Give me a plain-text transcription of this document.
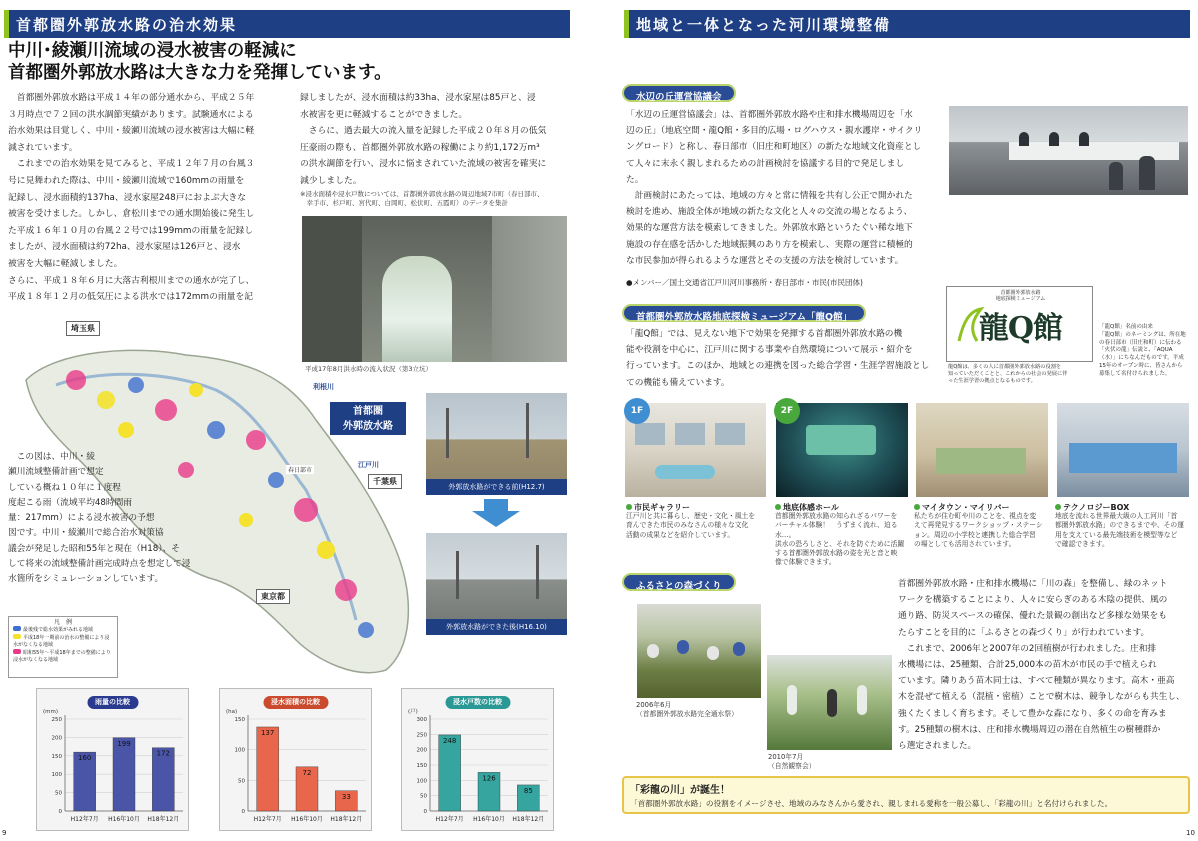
首都圏外郭放水路の治水効果
中川･綾瀬川流域の浸水被害の軽減に
首都圏外郭放水路は大きな力を発揮しています。
　首都圏外郭放水路は平成１４年の部分通水から、平成２５年
３月時点で７２回の洪水調節実績があります。試験通水による
治水効果は目覚しく、中川・綾瀬川流域の浸水被害は大幅に軽
減されています。
　これまでの治水効果を見てみると、平成１２年７月の台風３
号に見舞われた際は、中川・綾瀬川流域で160mmの雨量を
記録し、浸水面積約137ha、浸水家屋248戸におよぶ大きな
被害を受けました。しかし、倉松川までの通水開始後に発生し
た平成１６年１０月の台風２２号では199mmの雨量を記録し
ましたが、浸水面積は約72ha、浸水家屋は126戸と、浸水
被害を大幅に軽減しました。
さらに、平成１８年６月に大落古利根川までの通水が完了し、
平成１８年１２月の低気圧による洪水では172mmの雨量を記
録しましたが、浸水面積は約33ha、浸水家屋は85戸と、浸
水被害を更に軽減することができました。
　さらに、過去最大の流入量を記録した平成２０年８月の低気
圧豪雨の際も、首都圏外郭放水路の稼働により約1,172万m³
の洪水調節を行い、浸水に悩まされていた流域の被害を確実に
減少しました。
※浸水面積や浸水戸数については、首都圏外郭放水路の周辺地域7市町（春日部市、
　幸手市、杉戸町、宮代町、白岡町、松伏町、五霞町）のデータを集計
平成17年8月洪水時の流入状況（第3立坑）
埼玉県
千葉県
東京都
利根川
江戸川
春日部市
首都圏
外郭放水路
　この図は、中川・綾
瀬川流域整備計画で想定
している概ね１０年に１度程
度起こる雨（流域平均48時間雨
量：217mm）による浸水被害の予想
図です。中川・綾瀬川で総合治水対策協
議会が発足した昭和55年と現在（H18）、そ
して将来の流域整備計画完成時点を想定して浸
水箇所をシミュレーションしています。
凡　例
最後残で総水効果がみれる地域
平成18年一期前の治水の整備により浸水がなくなる地域
昭和55年～平成18年までの整備により浸水がなくなる地域
外郭放水路ができる前(H12.7)
外郭放水路ができた後(H16.10)
雨量の比較
(mm)
0
50
100
150
200
250
160
H12年7月
199
H16年10月
172
H18年12月
浸水面積の比較
(ha)
0
50
100
150
137
H12年7月
72
H16年10月
33
H18年12月
浸水戸数の比較
(戸)
0
50
100
150
200
250
300
248
H12年7月
126
H16年10月
85
H18年12月
9
地域と一体となった河川環境整備
水辺の丘運営協議会
「水辺の丘運営協議会」は、首都圏外郭放水路や庄和排水機場周辺を「水
辺の丘」（地底空間・龍Q館・多目的広場・ログハウス・親水護岸・サイクリ
ングロード）と称し、春日部市（旧庄和町地区）の新たな地域文化資産とし
て人々に末永く親しまれるための計画検討を協議する目的で発足しまし
た。
　計画検討にあたっては、地域の方々と常に情報を共有し公正で開かれた
検討を進め、施設全体が地域の新たな文化と人々の交流の場となるよう、
効果的な運営方法を模索してきました。外郭放水路というたぐい稀な地下
施設の存在感を活かした地域振興のあり方を模索し、実際の運営に積極的
な市民参加が得られるような運営とその支援の方法を検討しています。
●メンバー／国土交通省江戸川河川事務所・春日部市・市民(市民団体)
首都圏外郭放水路地底探検ミュージアム「龍Q館」
「龍Q館」では、見えない地下で効果を発揮する首都圏外郭放水路の機
能や役割を中心に、江戸川に関する事業や自然環境について展示・紹介を
行っています。このほか、地域との連携を図った総合学習・生涯学習施設とし
ての機能も備えています。
首都圏外郭放水路
地底探検ミュージアム
龍Q館
龍Q館は、多くの人に首都圏外郭放水路の役割を
知っていただくことと、これからの社会の発展に伴
った生涯学習の拠点となるものです。
「龍Q館」名前の由来
「龍Q館」のネーミングは、所在地
の春日部市（旧庄和町）に伝わる
「火伏の龍」伝説と、「AQUA
（水）」にちなんだものです。平成
15年のオープン時に、皆さんから
募集して名付けられました。
1F	2F
市民ギャラリー
江戸川と共に暮らし、歴史・文化・風土を
育んできた市民のみなさんの様々な文化
活動の成果などを紹介しています。
地底体感ホール
首都圏外郭放水路の知られざるパワーを
バーチャル体験！　うずまく流れ、迫る水…。
洪水の恐ろしさと、それを防ぐために活躍
する首都圏外郭放水路の姿を光と音と映
像で体験できます。
マイタウン・マイリバー
私たちが住む町や川のことを、視点を変
えて再発見するワークショップ・ステーシ
ョン。周辺の小学校と連携した総合学習
の場としても活用されています。
テクノロジーBOX
地底を流れる世界最大級の人工河川「首
都圏外郭放水路」のできるまでや、その運
用を支えている最先端技術を模型等など
で確認できます。
ふるさとの森づくり
2006年6月
（首都圏外郭放水路完全通水祭）
2010年7月
（自然観察会）
首都圏外郭放水路・庄和排水機場に「川の森」を整備し、緑のネット
ワークを構築することにより、人々に安らぎのある木陰の提供、風の
通り路、防災スペースの確保、優れた景観の創出など多様な効果をも
たらすことを目的に「ふるさとの森づくり」が行われています。
　これまで、2006年と2007年の2回植樹が行われました。庄和排
水機場には、25種類、合計25,000本の苗木が市民の手で植えられ
ています。隣りあう苗木同士は、すべて種類が異なります。高木・亜高
木を混ぜて植える（混植・密植）ことで樹木は、競争しながらも共生し、
強くたくましく育ちます。そして豊かな森になり、多くの命を育みま
す。25種類の樹木は、庄和排水機場周辺の潜在自然植生の樹種群か
ら選定されました。
「彩龍の川」が誕生！
「首都圏外郭放水路」の役割をイメージさせ、地域のみなさんから愛され、親しまれる愛称を一般公募し、「彩龍の川」と名付けられました。
10
